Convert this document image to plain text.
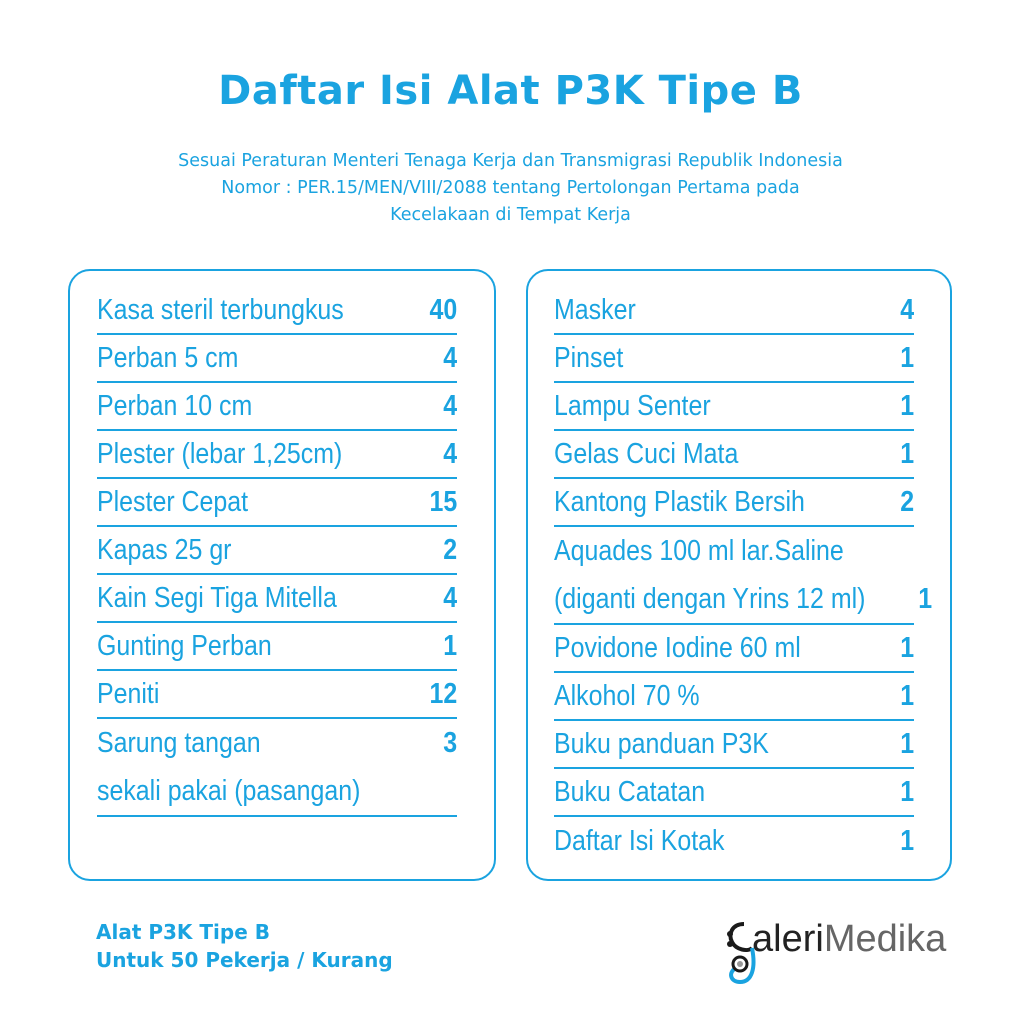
Daftar Isi Alat P3K Tipe B
Sesuai Peraturan Menteri Tenaga Kerja dan Transmigrasi Republik Indonesia
Nomor : PER.15/MEN/VIII/2088 tentang Pertolongan Pertama pada
Kecelakaan di Tempat Kerja
Kasa steril terbungkus	40
Perban 5 cm	4
Perban 10 cm	4
Plester (lebar 1,25cm)	4
Plester Cepat	15
Kapas 25 gr	2
Kain Segi Tiga Mitella	4
Gunting Perban	1
Peniti	12
Sarung tangan	3
sekali pakai (pasangan)
Masker	4
Pinset	1
Lampu Senter	1
Gelas Cuci Mata	1
Kantong Plastik Bersih	2
Aquades 100 ml lar.Saline
(diganti dengan Yrins 12 ml) 1
Povidone Iodine 60 ml	1
Alkohol 70 %	1
Buku panduan P3K	1
Buku Catatan	1
Daftar Isi Kotak	1
Alat P3K Tipe B
Untuk 50 Pekerja / Kurang	aleriMedika
